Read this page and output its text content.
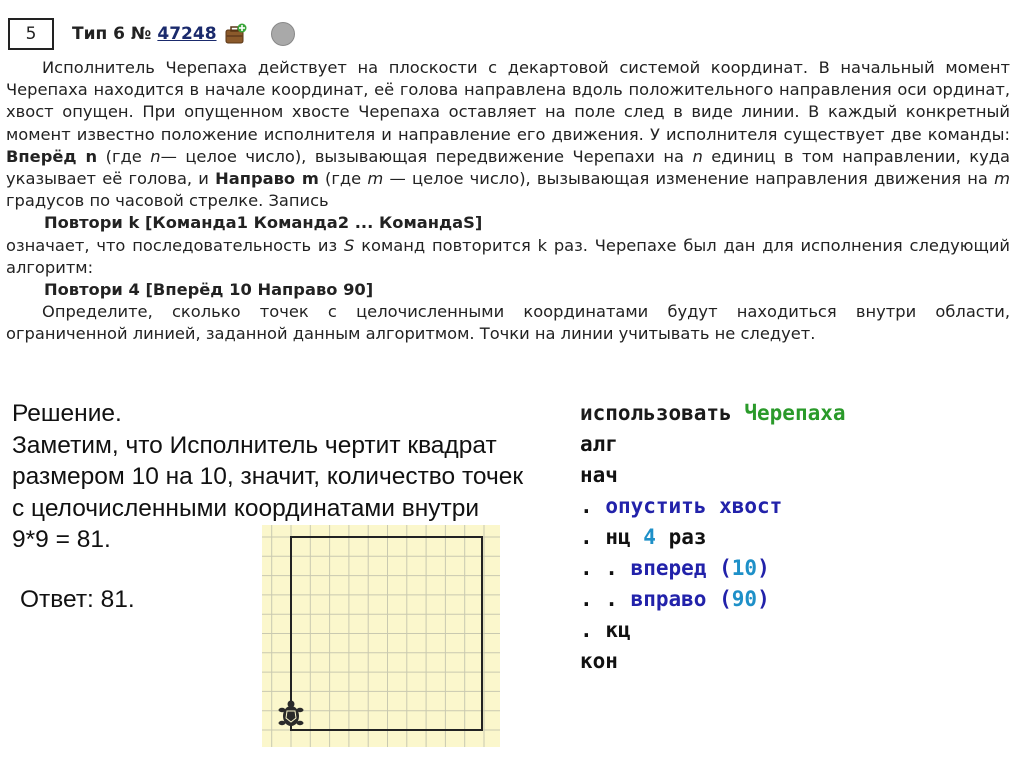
5 Тип 6 № 47248

Исполнитель Черепаха действует на плоскости с декартовой системой координат. В начальный момент Черепаха находится в начале координат, её голова направлена вдоль положительного направления оси ординат, хвост опущен. При опущенном хвосте Черепаха оставляет на поле след в виде линии. В каждый конкретный момент известно положение исполнителя и направление его движения. У исполнителя существует две команды: Вперёд n (где n— целое число), вызывающая передвижение Черепахи на n единиц в том направлении, куда указывает её голова, и Направо m (где m — целое число), вызывающая изменение направления движения на m градусов по часовой стрелке. Запись

Повтори k [Команда1 Команда2 ... КомандаS]

означает, что последовательность из S команд повторится k раз. Черепахе был дан для исполнения следующий алгоритм:

Повтори 4 [Вперёд 10 Направо 90]

Определите, сколько точек с целочисленными координатами будут находиться внутри области, ограниченной линией, заданной данным алгоритмом. Точки на линии учитывать не следует.

Решение.
Заметим, что Исполнитель чертит квадрат
размером 10 на 10, значит, количество точек
с целочисленными координатами внутри
9*9 = 81.
Ответ: 81.
использовать Черепаха
алг
нач
. опустить хвост
. нц 4 раз
. . вперед (10)
. . вправо (90)
. кц
кон
